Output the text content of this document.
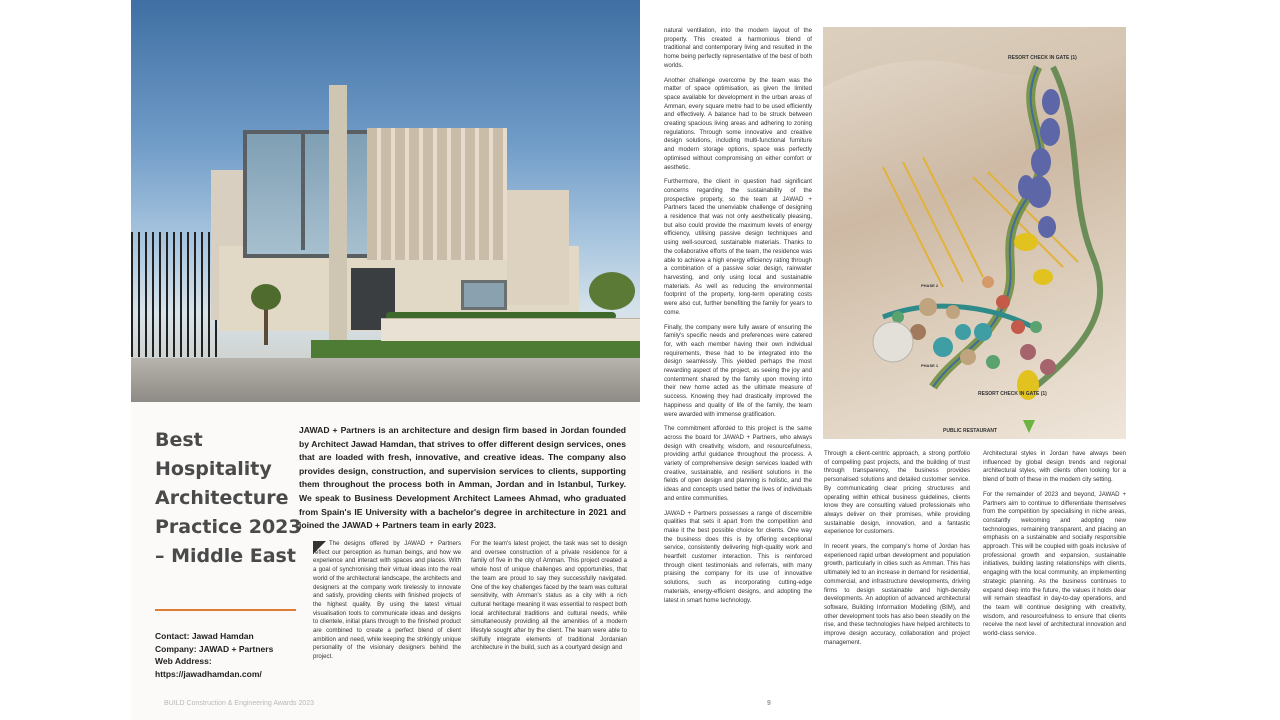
Best
Hospitality
Architecture
Practice 2023
– Middle East
Contact: Jawad Hamdan
Company: JAWAD + Partners
Web Address:
https://jawadhamdan.com/
JAWAD + Partners is an architecture and design firm based in Jordan founded by Architect Jawad Hamdan, that strives to offer different design services, ones that are loaded with fresh, innovative, and creative ideas. The company also provides design, construction, and supervision services to clients, supporting them throughout the process both in Amman, Jordan and in Istanbul, Turkey. We speak to Business Development Architect Lamees Ahmad, who graduated from Spain's IE University with a bachelor's degree in architecture in 2021 and joined the JAWAD + Partners team in early 2023.

The designs offered by JAWAD + Partners reflect our perception as human beings, and how we experience and interact with spaces and places. With a goal of synchronising their virtual ideas into the real world of the architectural landscape, the architects and designers at the company work tirelessly to innovate and satisfy, providing clients with finished projects of the highest quality. By using the latest virtual visualisation tools to communicate ideas and designs to clientele, initial plans through to the finished product are combined to create a perfect blend of client ambition and need, while keeping the strikingly unique personality of the visionary designers behind the project.

For the team's latest project, the task was set to design and oversee construction of a private residence for a family of five in the city of Amman. This project created a whole host of unique challenges and opportunities, that the team are proud to say they successfully navigated. One of the key challenges faced by the team was cultural sensitivity, with Amman's status as a city with a rich cultural heritage meaning it was essential to respect both local architectural traditions and cultural needs, while simultaneously providing all the amenities of a modern lifestyle sought after by the client. The team were able to skilfully integrate elements of traditional Jordanian architecture in the build, such as a courtyard design and

natural ventilation, into the modern layout of the property. This created a harmonious blend of traditional and contemporary living and resulted in the home being perfectly representative of the best of both worlds.

Another challenge overcome by the team was the matter of space optimisation, as given the limited space available for development in the urban areas of Amman, every square metre had to be used efficiently and effectively. A balance had to be struck between creating spacious living areas and adhering to zoning regulations. Through some innovative and creative design solutions, including multi-functional furniture and modern storage options, space was perfectly optimised without compromising on either comfort or aesthetic.

Furthermore, the client in question had significant concerns regarding the sustainability of the prospective property, so the team at JAWAD + Partners faced the unenviable challenge of designing a residence that was not only aesthetically pleasing, but also could provide the maximum levels of energy efficiency, utilising passive design techniques and using well-sourced, sustainable materials. Thanks to the collaborative efforts of the team, the residence was able to achieve a high energy efficiency rating through a combination of a passive solar design, rainwater harvesting, and only using local and sustainable materials. As well as reducing the environmental footprint of the property, long-term operating costs were also cut, further benefiting the family for years to come.

Finally, the company were fully aware of ensuring the family's specific needs and preferences were catered for, with each member having their own individual requirements, these had to be integrated into the design seamlessly. This yielded perhaps the most rewarding aspect of the project, as seeing the joy and contentment shared by the family upon moving into their new home acted as the ultimate measure of success. Knowing they had drastically improved the happiness and quality of life of the family, the team were awarded with immense gratification.

The commitment afforded to this project is the same across the board for JAWAD + Partners, who always design with creativity, wisdom, and resourcefulness, providing artful guidance throughout the process. A variety of comprehensive design services loaded with creative, sustainable, and resilient solutions in the fields of open design and planning is holistic, and the ideas and concepts used better the lives of individuals and entire communities.

JAWAD + Partners possesses a range of discernible qualities that sets it apart from the competition and make it the best possible choice for clients. One way the business does this is by offering exceptional service, consistently delivering high-quality work and heartfelt customer interaction. This is reinforced through client testimonials and referrals, with many praising the company for its use of innovative solutions, such as incorporating cutting-edge materials, energy-efficient designs, and adopting the latest in smart home technology.

RESORT CHECK IN GATE (1)
PHASE 2
PHASE 1
RESORT CHECK IN GATE (1)
PUBLIC RESTAURANT

Through a client-centric approach, a strong portfolio of compelling past projects, and the building of trust through transparency, the business provides personalised solutions and detailed customer service. By communicating clear pricing structures and operating within ethical business guidelines, clients know they are consulting valued professionals who always deliver on their promises, while providing sustainable design, innovation, and a fantastic experience for customers.

In recent years, the company's home of Jordan has experienced rapid urban development and population growth, particularly in cities such as Amman. This has ultimately led to an increase in demand for residential, commercial, and infrastructure developments, driving firms to design sustainable and high-density developments. An adoption of advanced architectural software, Building Information Modelling (BIM), and other development tools has also been steadily on the rise, and these technologies have helped architects to improve design accuracy, collaboration and project management.

Architectural styles in Jordan have always been influenced by global design trends and regional architectural styles, with clients often looking for a blend of both of these in the modern city setting.

For the remainder of 2023 and beyond, JAWAD + Partners aim to continue to differentiate themselves from the competition by specialising in niche areas, constantly welcoming and adopting new technologies, remaining transparent, and placing an emphasis on a sustainable and socially responsible approach. This will be coupled with goals inclusive of professional growth and expansion, sustainable initiatives, building lasting relationships with clients, engaging with the local community, an implementing strategic planning. As the business continues to expand deep into the future, the values it holds dear will remain steadfast in day-to-day operations, and the team will continue designing with creativity, wisdom, and resourcefulness to ensure that clients receive the next level of architectural innovation and world-class service.

BUILD Construction & Engineering Awards 2023	9
